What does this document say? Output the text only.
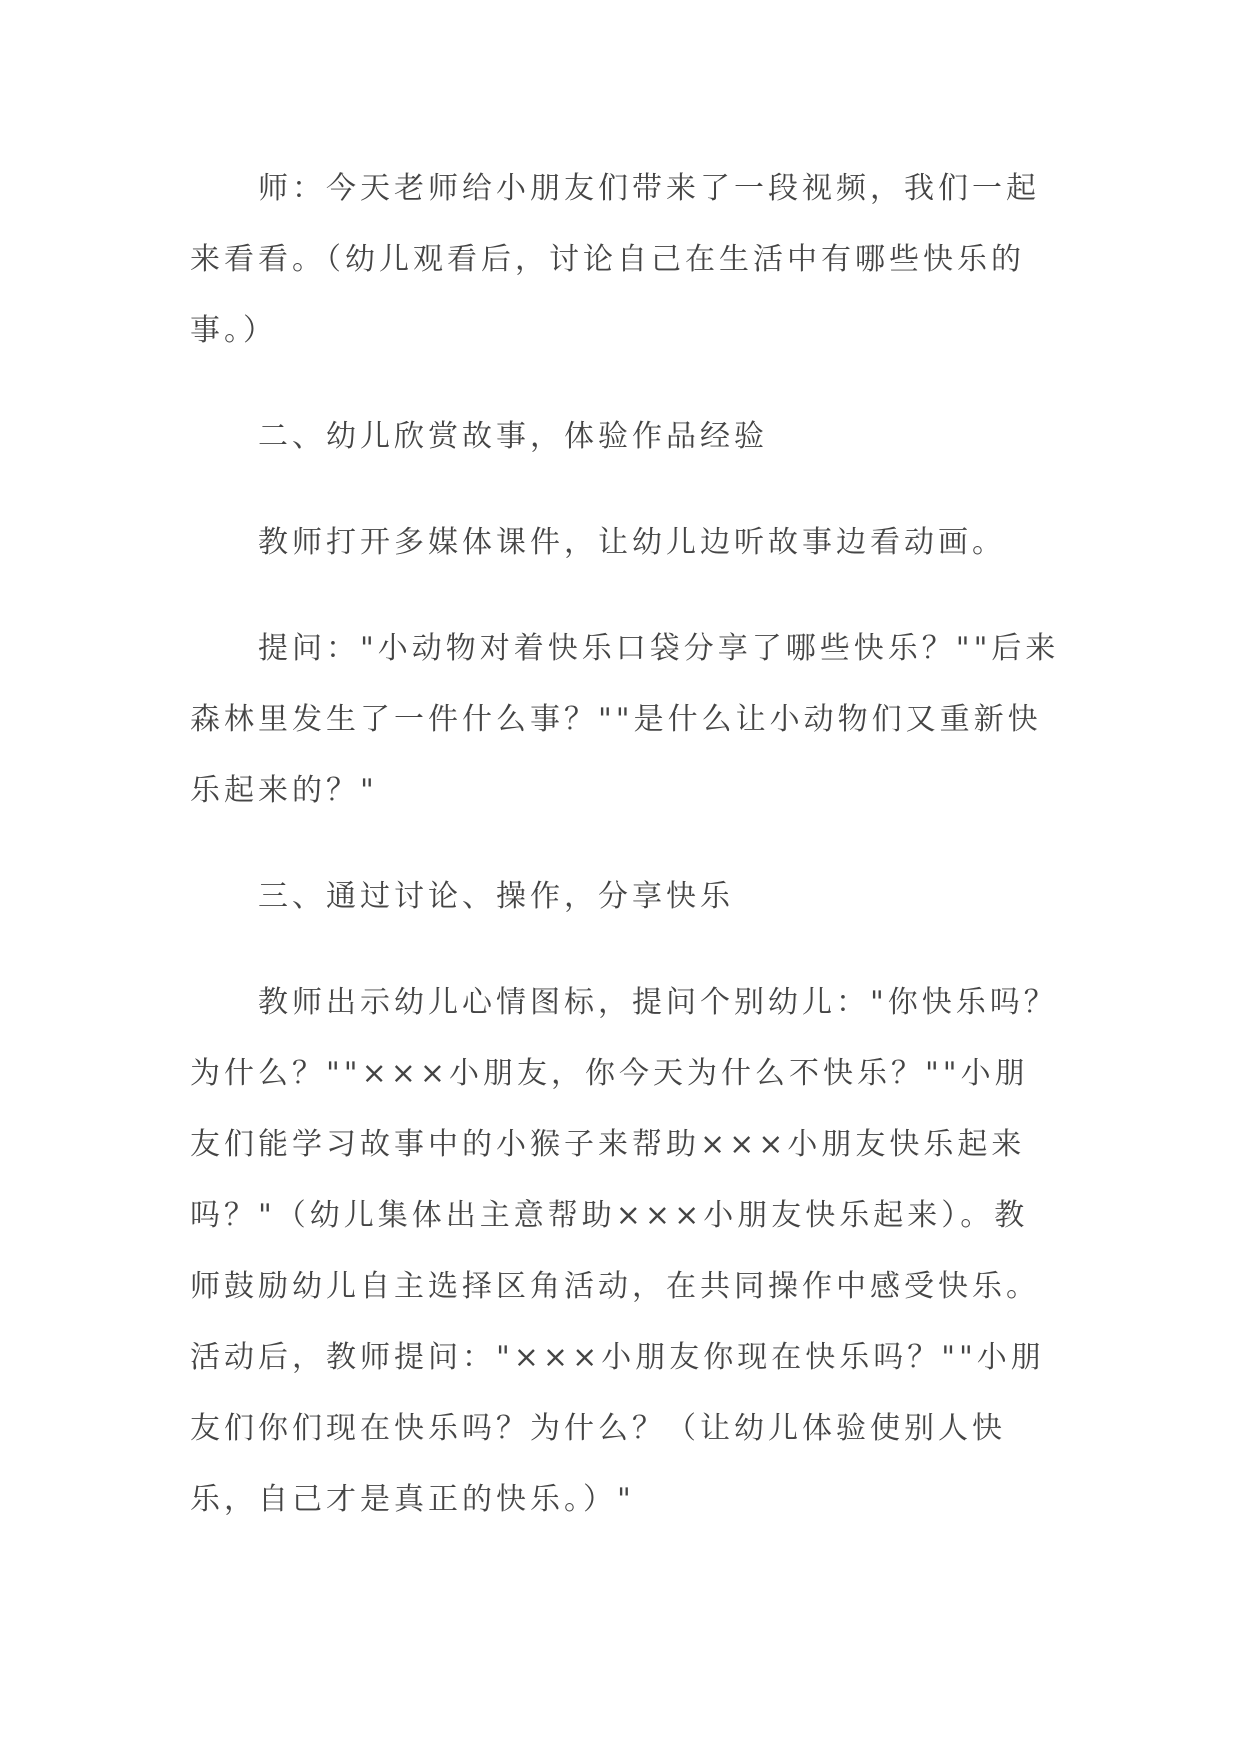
师：今天老师给小朋友们带来了一段视频，我们一起来看看。（幼儿观看后，讨论自己在生活中有哪些快乐的事。）

二、幼儿欣赏故事，体验作品经验

教师打开多媒体课件，让幼儿边听故事边看动画。

提问："小动物对着快乐口袋分享了哪些快乐？""后来森林里发生了一件什么事？""是什么让小动物们又重新快乐起来的？"

三、通过讨论、操作，分享快乐

教师出示幼儿心情图标，提问个别幼儿："你快乐吗？为什么？""×××小朋友，你今天为什么不快乐？""小朋友们能学习故事中的小猴子来帮助×××小朋友快乐起来吗？"（幼儿集体出主意帮助×××小朋友快乐起来）。教师鼓励幼儿自主选择区角活动，在共同操作中感受快乐。活动后，教师提问："×××小朋友你现在快乐吗？""小朋友们你们现在快乐吗？为什么？（让幼儿体验使别人快乐，自己才是真正的快乐。）"
